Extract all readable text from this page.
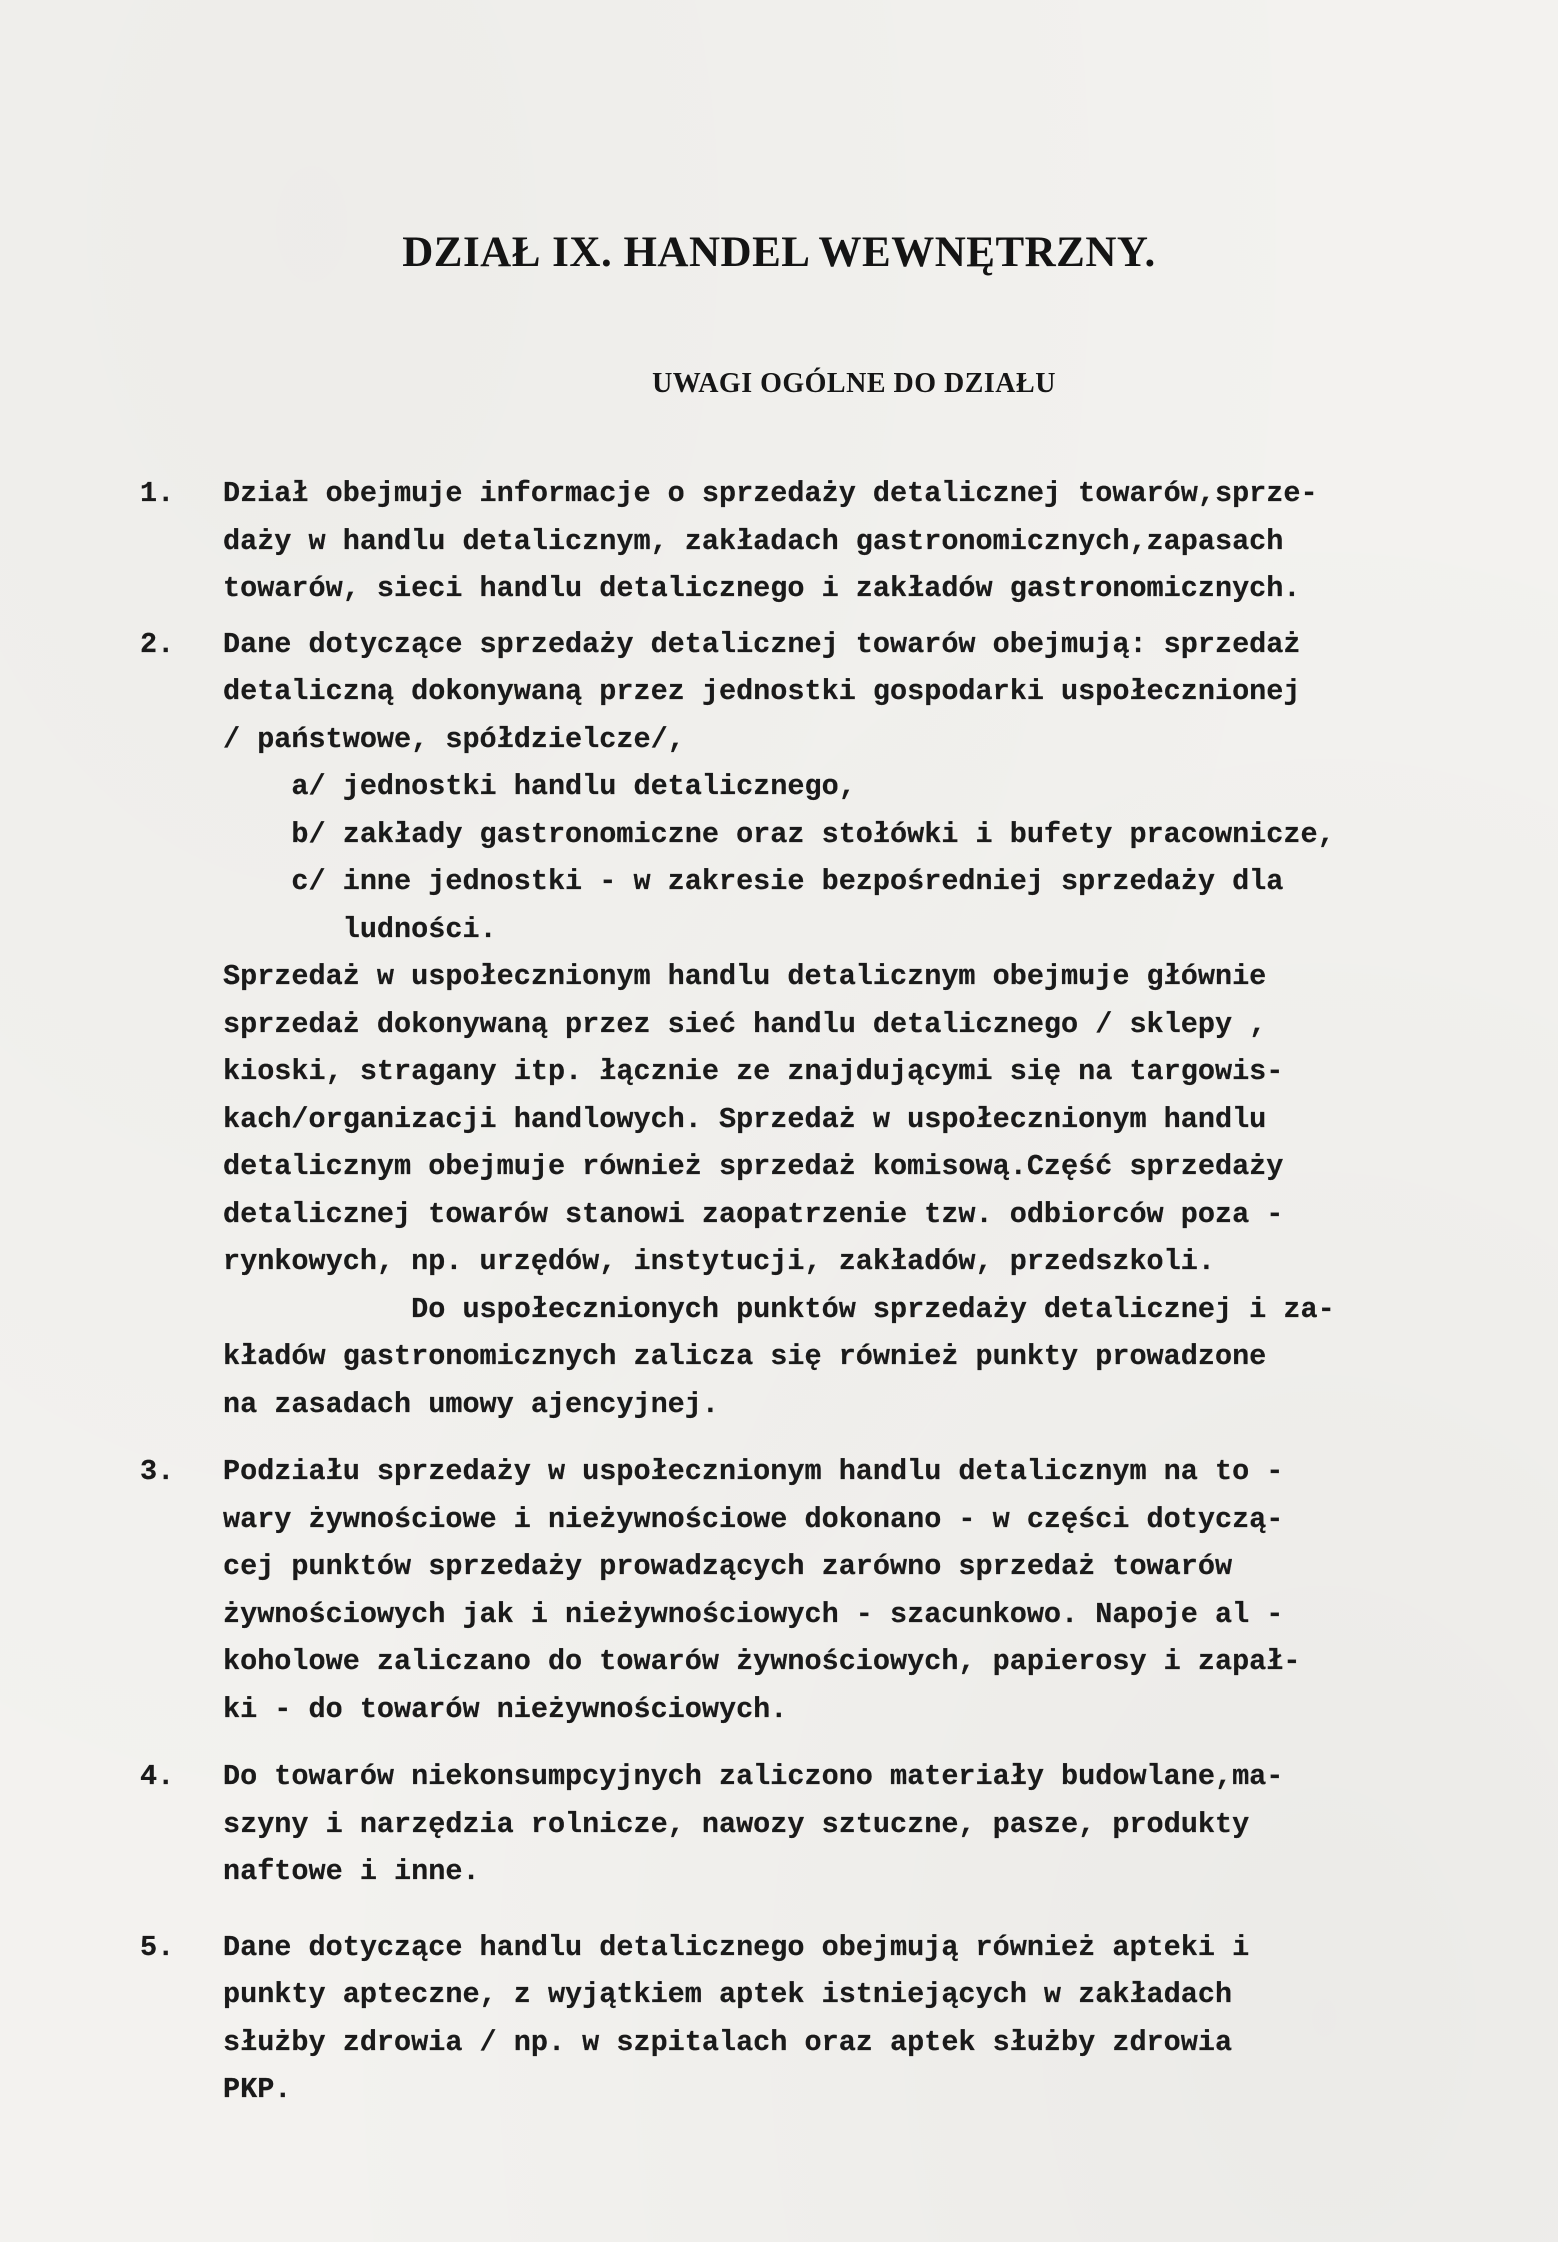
DZIAŁ IX. HANDEL WEWNĘTRZNY.
UWAGI OGÓLNE DO DZIAŁU
1. Dział obejmuje informacje o sprzedaży detalicznej towarów,sprze-
daży w handlu detalicznym, zakładach gastronomicznych,zapasach
towarów, sieci handlu detalicznego i zakładów gastronomicznych.
2. Dane dotyczące sprzedaży detalicznej towarów obejmują: sprzedaż
detaliczną dokonywaną przez jednostki gospodarki uspołecznionej
/ państwowe, spółdzielcze/,
a/ jednostki handlu detalicznego,
b/ zakłady gastronomiczne oraz stołówki i bufety pracownicze,
c/ inne jednostki - w zakresie bezpośredniej sprzedaży dla
ludności.
Sprzedaż w uspołecznionym handlu detalicznym obejmuje głównie
sprzedaż dokonywaną przez sieć handlu detalicznego / sklepy ,
kioski, stragany itp. łącznie ze znajdującymi się na targowis-
kach/organizacji handlowych. Sprzedaż w uspołecznionym handlu
detalicznym obejmuje również sprzedaż komisową.Część sprzedaży
detalicznej towarów stanowi zaopatrzenie tzw. odbiorców poza -
rynkowych, np. urzędów, instytucji, zakładów, przedszkoli.
Do uspołecznionych punktów sprzedaży detalicznej i za-
kładów gastronomicznych zalicza się również punkty prowadzone
na zasadach umowy ajencyjnej.
3. Podziału sprzedaży w uspołecznionym handlu detalicznym na to -
wary żywnościowe i nieżywnościowe dokonano - w części dotyczą-
cej punktów sprzedaży prowadzących zarówno sprzedaż towarów
żywnościowych jak i nieżywnościowych - szacunkowo. Napoje al -
koholowe zaliczano do towarów żywnościowych, papierosy i zapał-
ki - do towarów nieżywnościowych.
4. Do towarów niekonsumpcyjnych zaliczono materiały budowlane,ma-
szyny i narzędzia rolnicze, nawozy sztuczne, pasze, produkty
naftowe i inne.
5. Dane dotyczące handlu detalicznego obejmują również apteki i
punkty apteczne, z wyjątkiem aptek istniejących w zakładach
służby zdrowia / np. w szpitalach oraz aptek służby zdrowia
PKP.
